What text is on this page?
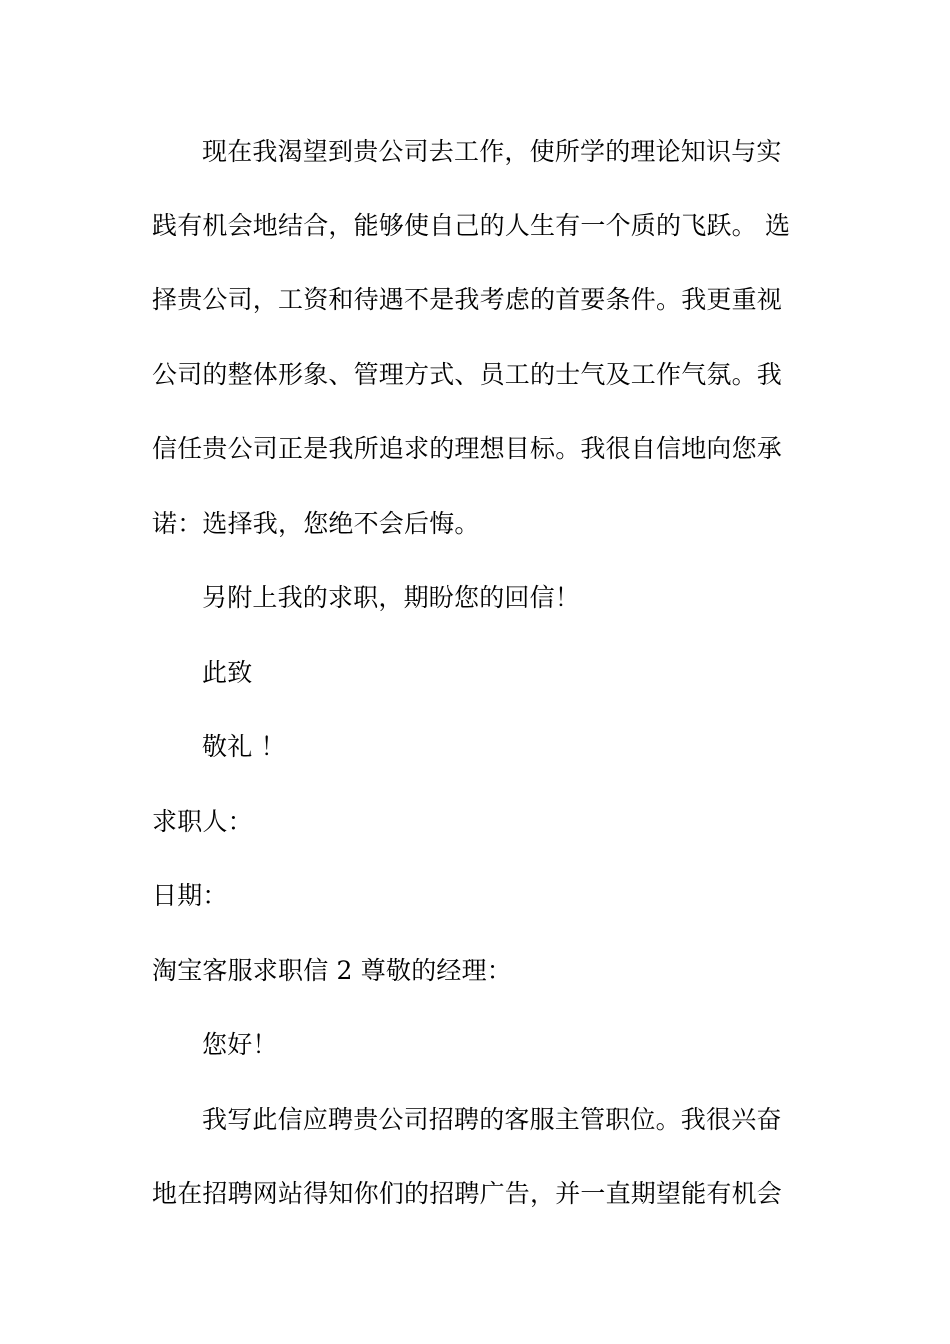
现在我渴望到贵公司去工作，使所学的理论知识与实
践有机会地结合，能够使自己的人生有一个质的飞跃。 选
择贵公司，工资和待遇不是我考虑的首要条件。我更重视
公司的整体形象、管理方式、员工的士气及工作气氛。我
信任贵公司正是我所追求的理想目标。我很自信地向您承
诺：选择我，您绝不会后悔。
另附上我的求职，期盼您的回信！
此致
敬礼 ！
求职人：
日期：
淘宝客服求职信 2 尊敬的经理：
您好！
我写此信应聘贵公司招聘的客服主管职位。我很兴奋
地在招聘网站得知你们的招聘广告，并一直期望能有机会
